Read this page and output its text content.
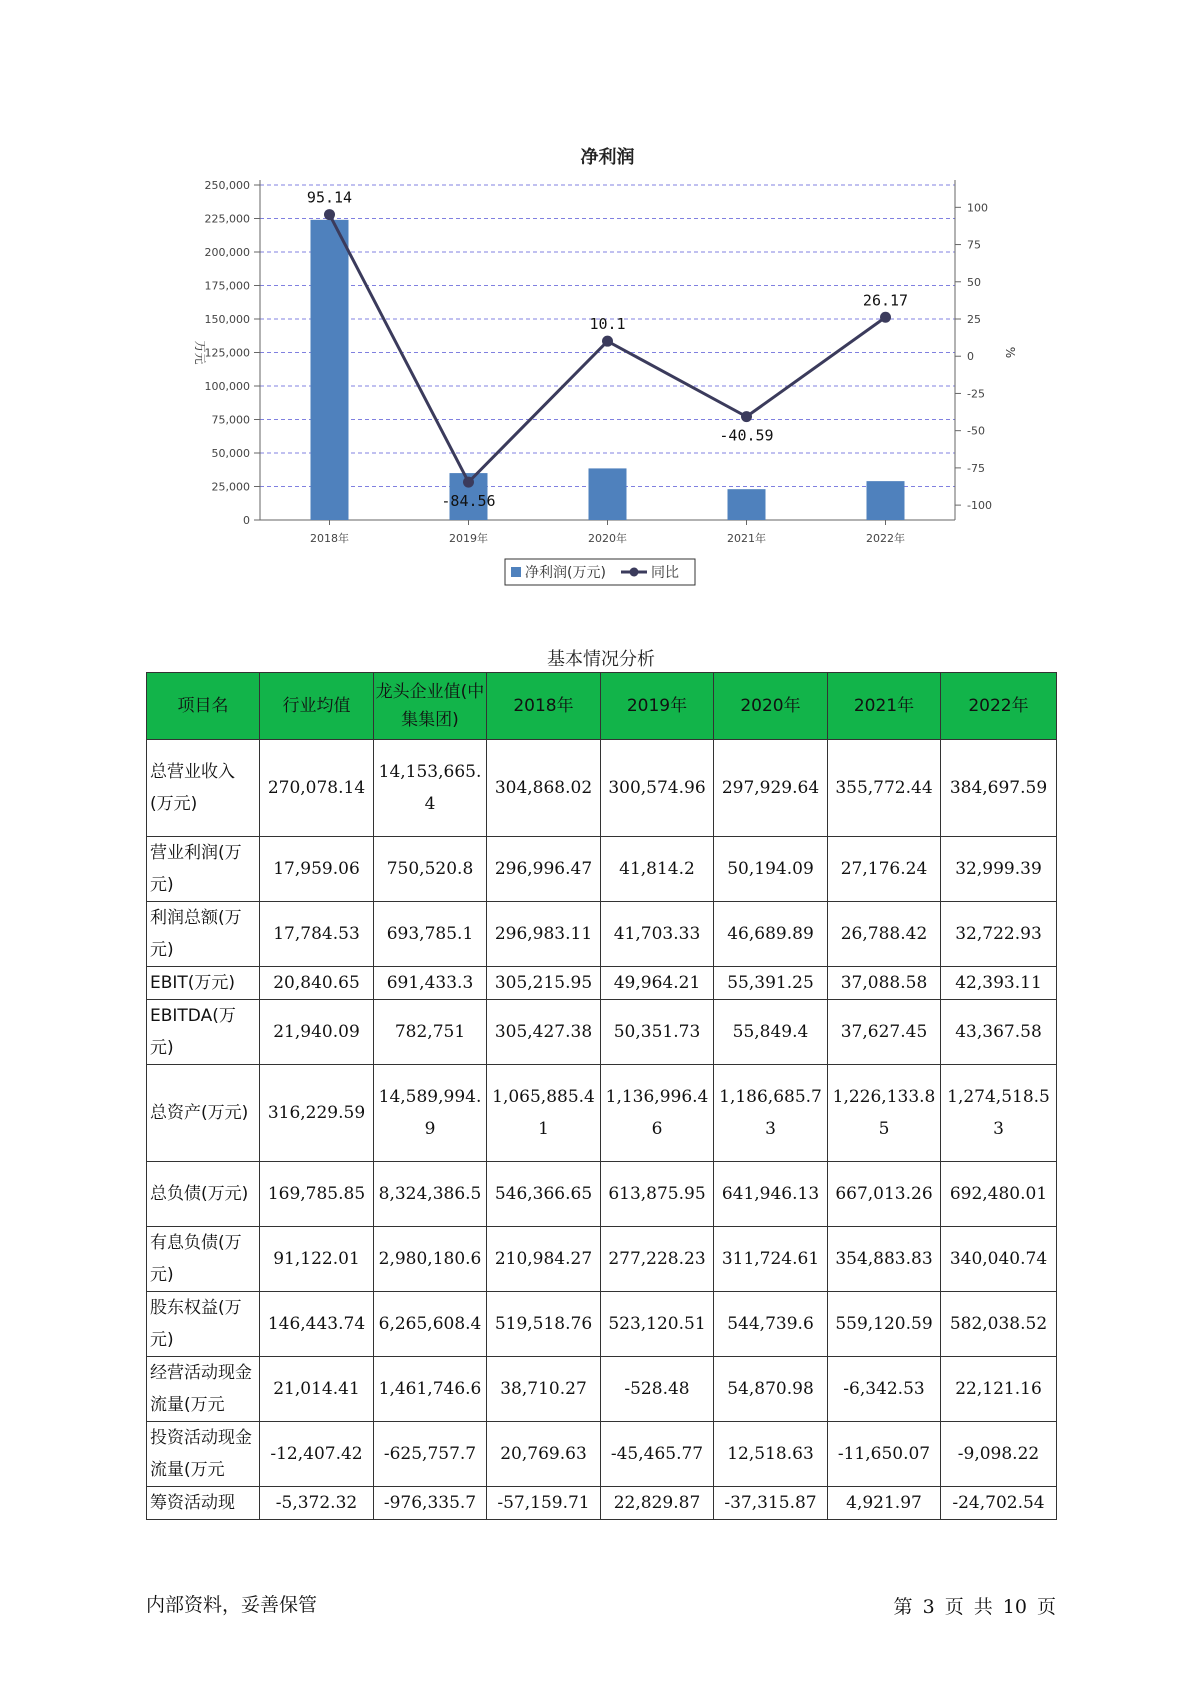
净利润
0
25,000
50,000
75,000
100,000
125,000
150,000
175,000
200,000
225,000
250,000
100
75
50
25
0
-25
-50
-75
-100
万元	%
2018年	2019年	2020年	2021年	2022年
95.14
-84.56
10.1
-40.59
26.17
净利润(万元)	同比
基本情况分析
项目名	行业均值	龙头企业值(中集集团)	2018年	2019年	2020年	2021年	2022年
总营业收入(万元)	270,078.14	14,153,665.4	304,868.02	300,574.96	297,929.64	355,772.44	384,697.59
营业利润(万元)	17,959.06	750,520.8	296,996.47	41,814.2	50,194.09	27,176.24	32,999.39
利润总额(万元)	17,784.53	693,785.1	296,983.11	41,703.33	46,689.89	26,788.42	32,722.93
EBIT(万元)	20,840.65	691,433.3	305,215.95	49,964.21	55,391.25	37,088.58	42,393.11
EBITDA(万元)	21,940.09	782,751	305,427.38	50,351.73	55,849.4	37,627.45	43,367.58
总资产(万元)	316,229.59	14,589,994.9	1,065,885.41	1,136,996.46	1,186,685.73	1,226,133.85	1,274,518.53
总负债(万元)	169,785.85	8,324,386.5	546,366.65	613,875.95	641,946.13	667,013.26	692,480.01
有息负债(万元)	91,122.01	2,980,180.6	210,984.27	277,228.23	311,724.61	354,883.83	340,040.74
股东权益(万元)	146,443.74	6,265,608.4	519,518.76	523,120.51	544,739.6	559,120.59	582,038.52
经营活动现金流量(万元	21,014.41	1,461,746.6	38,710.27	-528.48	54,870.98	-6,342.53	22,121.16
投资活动现金流量(万元	-12,407.42	-625,757.7	20,769.63	-45,465.77	12,518.63	-11,650.07	-9,098.22
筹资活动现	-5,372.32	-976,335.7	-57,159.71	22,829.87	-37,315.87	4,921.97	-24,702.54
内部资料，妥善保管	第 3 页 共 10 页
